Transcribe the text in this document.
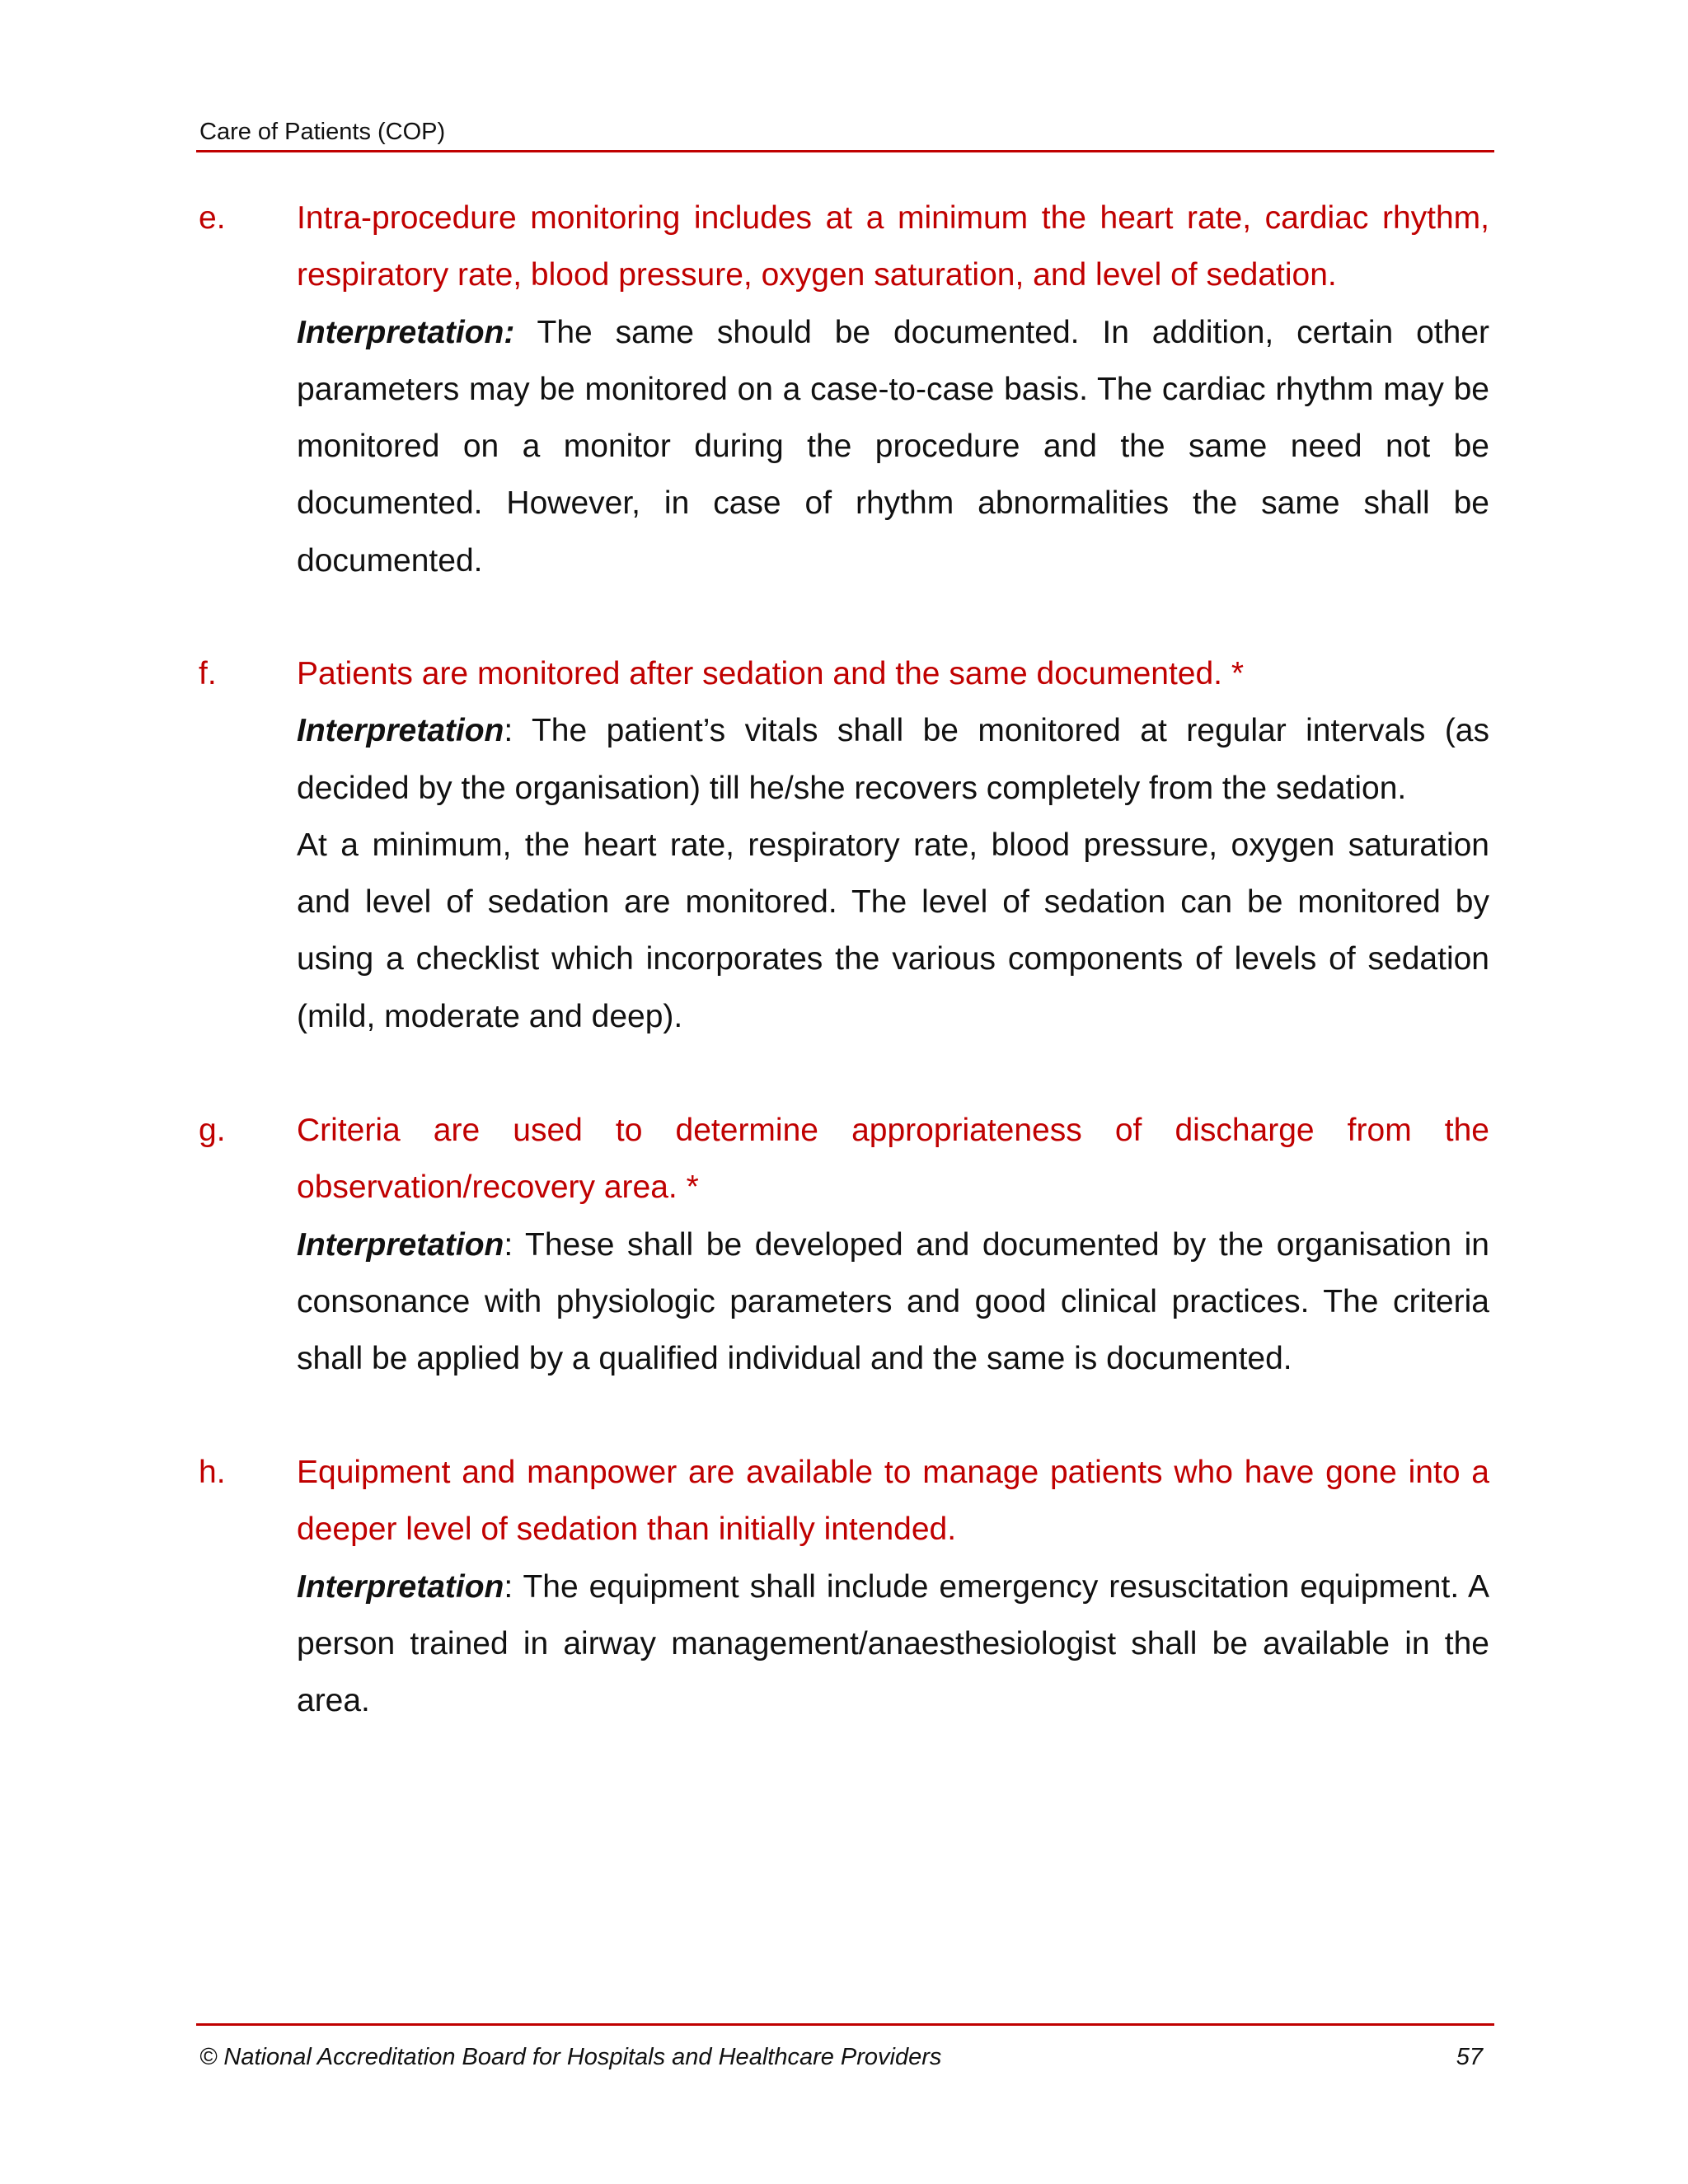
Care of Patients (COP)
e. Intra-procedure monitoring includes at a minimum the heart rate, cardiac rhythm, respiratory rate, blood pressure, oxygen saturation, and level of sedation.

Interpretation: The same should be documented. In addition, certain other parameters may be monitored on a case-to-case basis. The cardiac rhythm may be monitored on a monitor during the procedure and the same need not be documented. However, in case of rhythm abnormalities the same shall be documented.

f. Patients are monitored after sedation and the same documented. *

Interpretation: The patient’s vitals shall be monitored at regular intervals (as decided by the organisation) till he/she recovers completely from the sedation.

At a minimum, the heart rate, respiratory rate, blood pressure, oxygen saturation and level of sedation are monitored. The level of sedation can be monitored by using a checklist which incorporates the various components of levels of sedation (mild, moderate and deep).

g. Criteria are used to determine appropriateness of discharge from the observation/recovery area. *

Interpretation: These shall be developed and documented by the organisation in consonance with physiologic parameters and good clinical practices. The criteria shall be applied by a qualified individual and the same is documented.

h. Equipment and manpower are available to manage patients who have gone into a deeper level of sedation than initially intended.

Interpretation: The equipment shall include emergency resuscitation equipment. A person trained in airway management/anaesthesiologist shall be available in the area.

© National Accreditation Board for Hospitals and Healthcare Providers	57
